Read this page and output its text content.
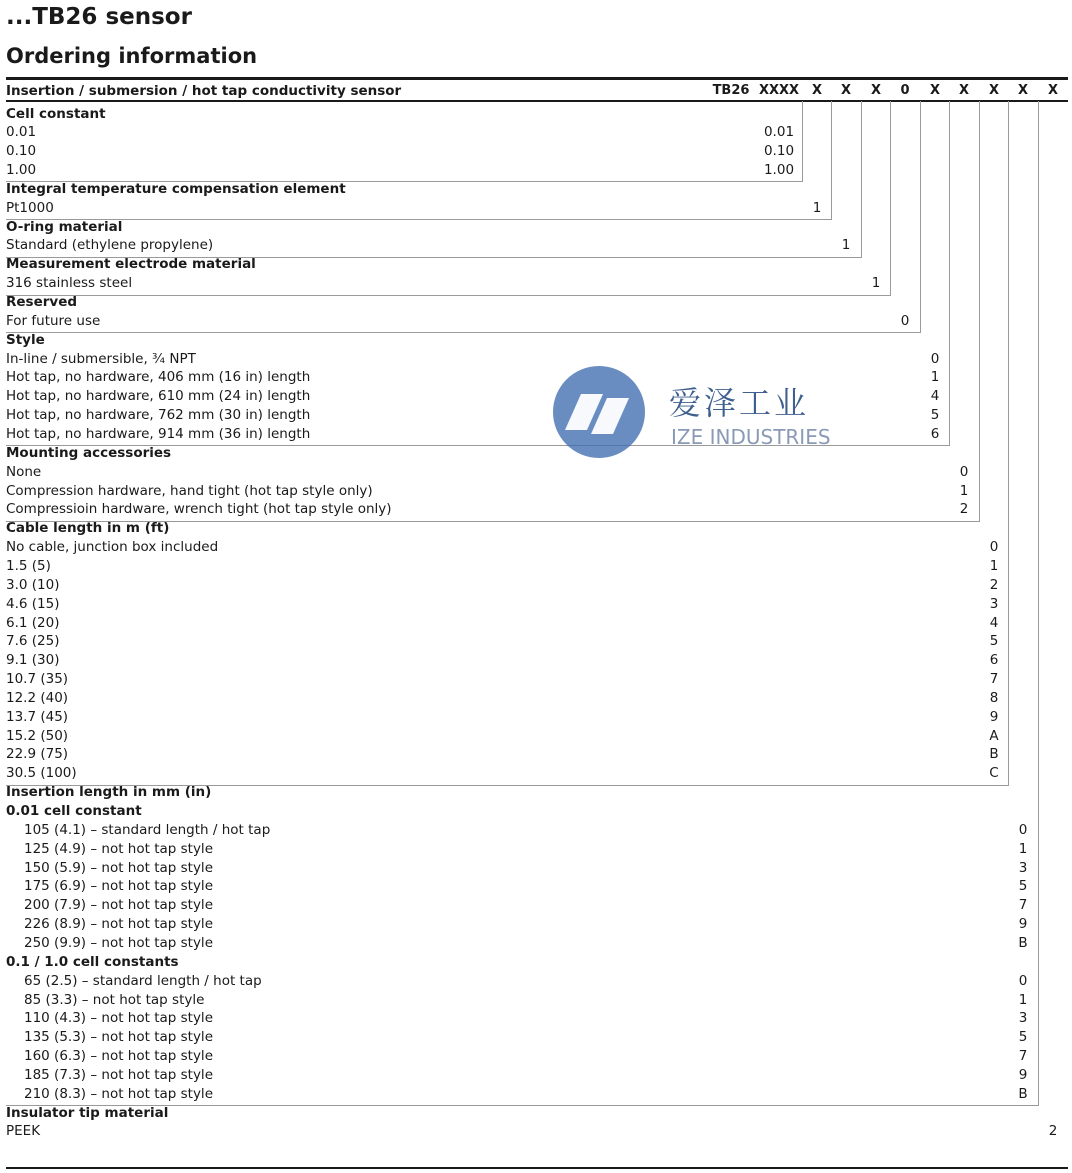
...TB26 sensor
Ordering information
Insertion / submersion / hot tap conductivity sensor	TB26 XXXX X	X	X	0	X	X	X	X	X
Cell constant
0.01	0.01
0.10	0.10
1.00	1.00
Integral temperature compensation element
Pt1000	1
O-ring material
Standard (ethylene propylene)	1
Measurement electrode material
316 stainless steel	1
Reserved
For future use	0
Style
In-line / submersible, ¾ NPT	0
Hot tap, no hardware, 406 mm (16 in) length	1
Hot tap, no hardware, 610 mm (24 in) length	4
Hot tap, no hardware, 762 mm (30 in) length	5
Hot tap, no hardware, 914 mm (36 in) length	6
Mounting accessories
None	0
Compression hardware, hand tight (hot tap style only)	1
Compressioin hardware, wrench tight (hot tap style only)	2
Cable length in m (ft)
No cable, junction box included	0
1.5 (5)	1
3.0 (10)	2
4.6 (15)	3
6.1 (20)	4
7.6 (25)	5
9.1 (30)	6
10.7 (35)	7
12.2 (40)	8
13.7 (45)	9
15.2 (50)	A
22.9 (75)	B
30.5 (100)	C
Insertion length in mm (in)
0.01 cell constant
105 (4.1) – standard length / hot tap	0
125 (4.9) – not hot tap style	1
150 (5.9) – not hot tap style	3
175 (6.9) – not hot tap style	5
200 (7.9) – not hot tap style	7
226 (8.9) – not hot tap style	9
250 (9.9) – not hot tap style	B
0.1 / 1.0 cell constants
65 (2.5) – standard length / hot tap	0
85 (3.3) – not hot tap style	1
110 (4.3) – not hot tap style	3
135 (5.3) – not hot tap style	5
160 (6.3) – not hot tap style	7
185 (7.3) – not hot tap style	9
210 (8.3) – not hot tap style	B
Insulator tip material
PEEK	2
爱泽工业
IZE INDUSTRIES
